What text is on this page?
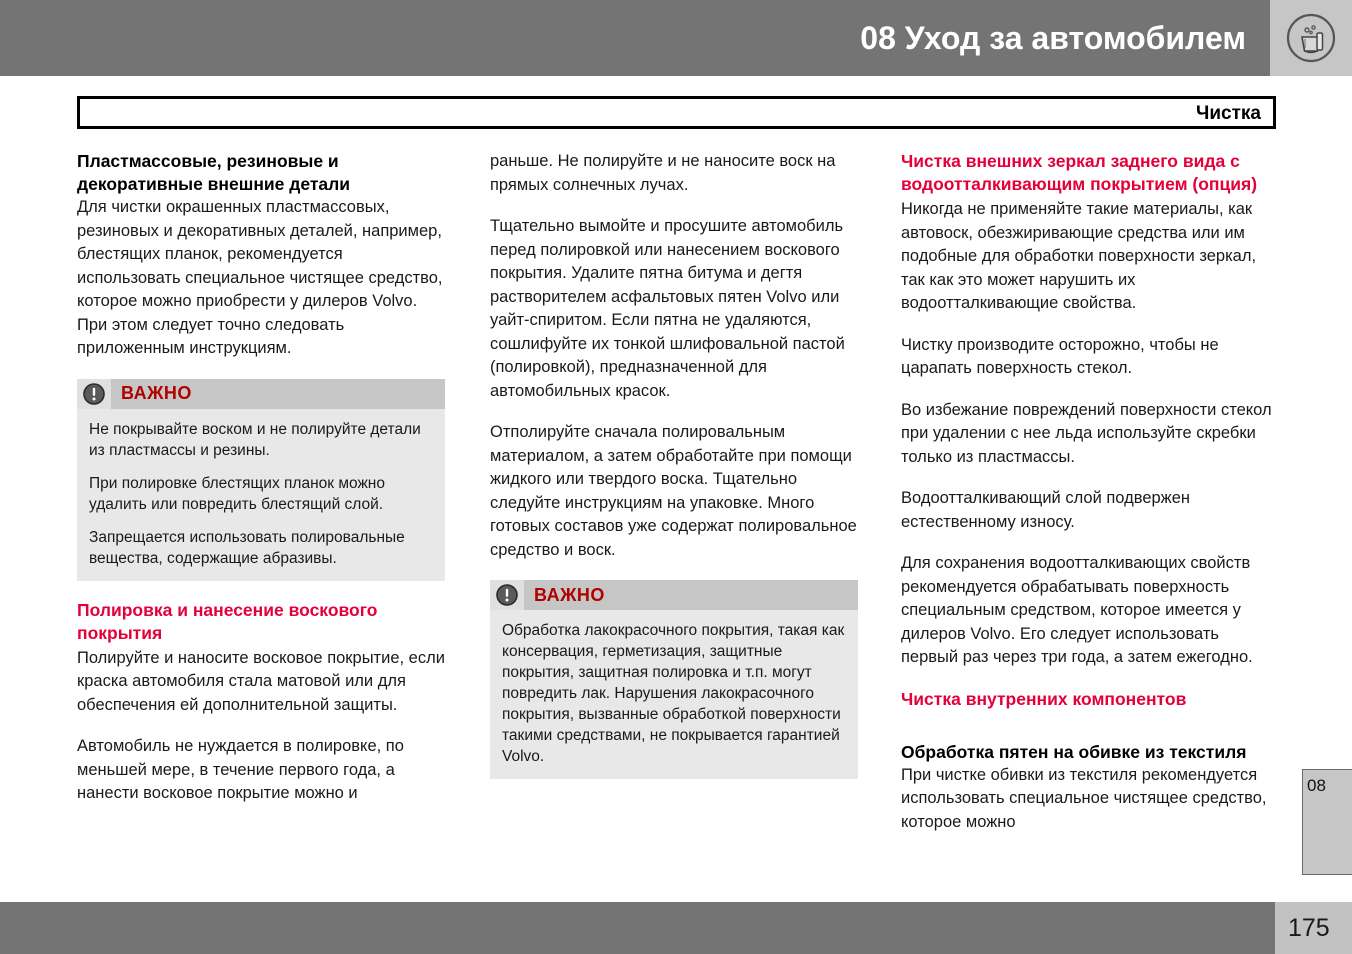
08 Уход за автомобилем
Чистка
Пластмассовые, резиновые и декоративные внешние детали

Для чистки окрашенных пластмассовых, резиновых и декоративных деталей, например, блестящих планок, рекомендуется использовать специальное чистящее средство, которое можно приобрести у дилеров Volvo. При этом следует точно следовать приложенным инструкциям.

ВАЖНО

Не покрывайте воском и не полируйте детали из пластмассы и резины.

При полировке блестящих планок можно удалить или повредить блестящий слой.

Запрещается использовать полировальные вещества, содержащие абразивы.

Полировка и нанесение воскового покрытия

Полируйте и наносите восковое покрытие, если краска автомобиля стала матовой или для обеспечения ей дополнительной защиты.

Автомобиль не нуждается в полировке, по меньшей мере, в течение первого года, а нанести восковое покрытие можно и

раньше. Не полируйте и не наносите воск на прямых солнечных лучах.

Тщательно вымойте и просушите автомобиль перед полировкой или нанесением воскового покрытия. Удалите пятна битума и дегтя растворителем асфальтовых пятен Volvo или уайт-спиритом. Если пятна не удаляются, сошлифуйте их тонкой шлифовальной пастой (полировкой), предназначенной для автомобильных красок.

Отполируйте сначала полировальным материалом, а затем обработайте при помощи жидкого или твердого воска. Тщательно следуйте инструкциям на упаковке. Много готовых составов уже содержат полировальное средство и воск.

ВАЖНО

Обработка лакокрасочного покрытия, такая как консервация, герметизация, защитные покрытия, защитная полировка и т.п. могут повредить лак. Нарушения лакокрасочного покрытия, вызванные обработкой поверхности такими средствами, не покрывается гарантией Volvo.

Чистка внешних зеркал заднего вида с водоотталкивающим покрытием (опция)

Никогда не применяйте такие материалы, как автовоск, обезжиривающие средства или им подобные для обработки поверхности зеркал, так как это может нарушить их водоотталкивающие свойства.

Чистку производите осторожно, чтобы не царапать поверхность стекол.

Во избежание повреждений поверхности стекол при удалении с нее льда используйте скребки только из пластмассы.

Водоотталкивающий слой подвержен естественному износу.

Для сохранения водоотталкивающих свойств рекомендуется обрабатывать поверхность специальным средством, которое имеется у дилеров Volvo. Его следует использовать первый раз через три года, а затем ежегодно.

Чистка внутренних компонентов
Обработка пятен на обивке из текстиля

При чистке обивки из текстиля рекомендуется использовать специальное чистящее средство, которое можно

08
175
